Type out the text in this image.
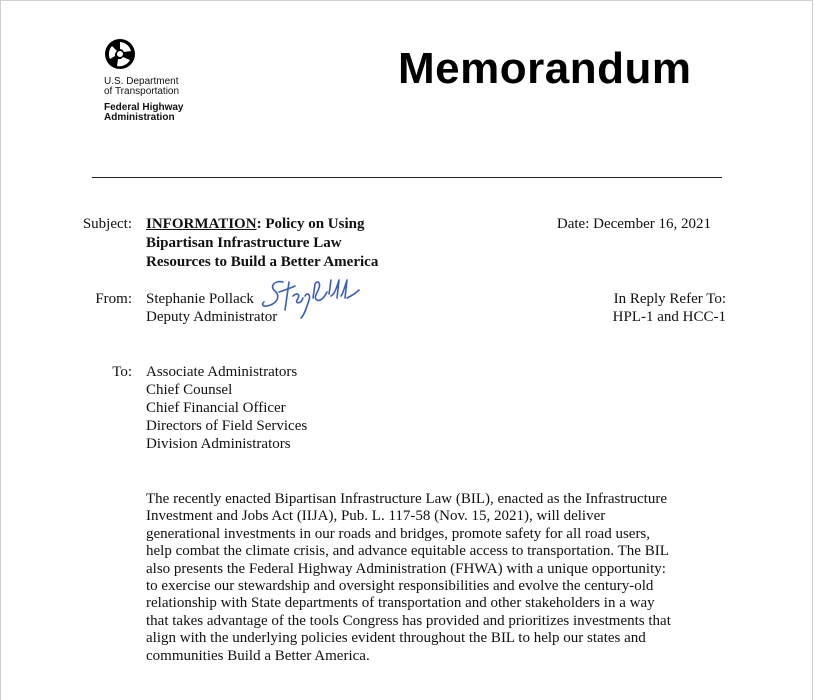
U.S. Department
of Transportation
Federal Highway
Administration
Memorandum
Subject: INFORMATION: Policy on Using
Bipartisan Infrastructure Law
Resources to Build a Better America
Date: December 16, 2021
From: Stephanie Pollack
Deputy Administrator
In Reply Refer To:
HPL-1 and HCC-1
To: Associate Administrators
Chief Counsel
Chief Financial Officer
Directors of Field Services
Division Administrators
The recently enacted Bipartisan Infrastructure Law (BIL), enacted as the Infrastructure
Investment and Jobs Act (IIJA), Pub. L. 117-58 (Nov. 15, 2021), will deliver
generational investments in our roads and bridges, promote safety for all road users,
help combat the climate crisis, and advance equitable access to transportation. The BIL
also presents the Federal Highway Administration (FHWA) with a unique opportunity:
to exercise our stewardship and oversight responsibilities and evolve the century-old
relationship with State departments of transportation and other stakeholders in a way
that takes advantage of the tools Congress has provided and prioritizes investments that
align with the underlying policies evident throughout the BIL to help our states and
communities Build a Better America.
